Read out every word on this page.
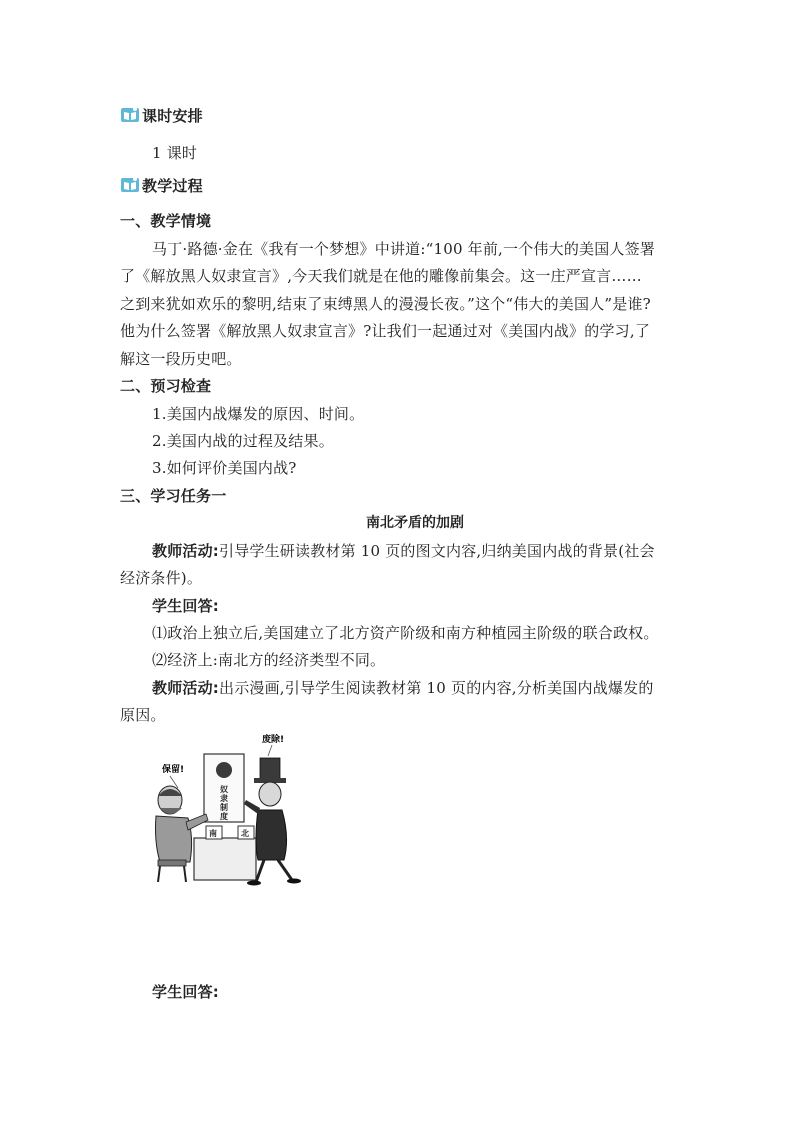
课时安排
1 课时
教学过程
一、教学情境
马丁·路德·金在《我有一个梦想》中讲道:“100 年前,一个伟大的美国人签署
了《解放黑人奴隶宣言》,今天我们就是在他的雕像前集会。这一庄严宣言……
之到来犹如欢乐的黎明,结束了束缚黑人的漫漫长夜。”这个“伟大的美国人”是谁?
他为什么签署《解放黑人奴隶宣言》?让我们一起通过对《美国内战》的学习,了
解这一段历史吧。
二、预习检查
1.美国内战爆发的原因、时间。
2.美国内战的过程及结果。
3.如何评价美国内战?
三、学习任务一
南北矛盾的加剧
教师活动:引导学生研读教材第 10 页的图文内容,归纳美国内战的背景(社会
经济条件)。
学生回答:
⑴政治上独立后,美国建立了北方资产阶级和南方种植园主阶级的联合政权。
⑵经济上:南北方的经济类型不同。
教师活动:出示漫画,引导学生阅读教材第 10 页的内容,分析美国内战爆发的
原因。
保留!
废除!
奴
隶
制
度
南	北
学生回答:
